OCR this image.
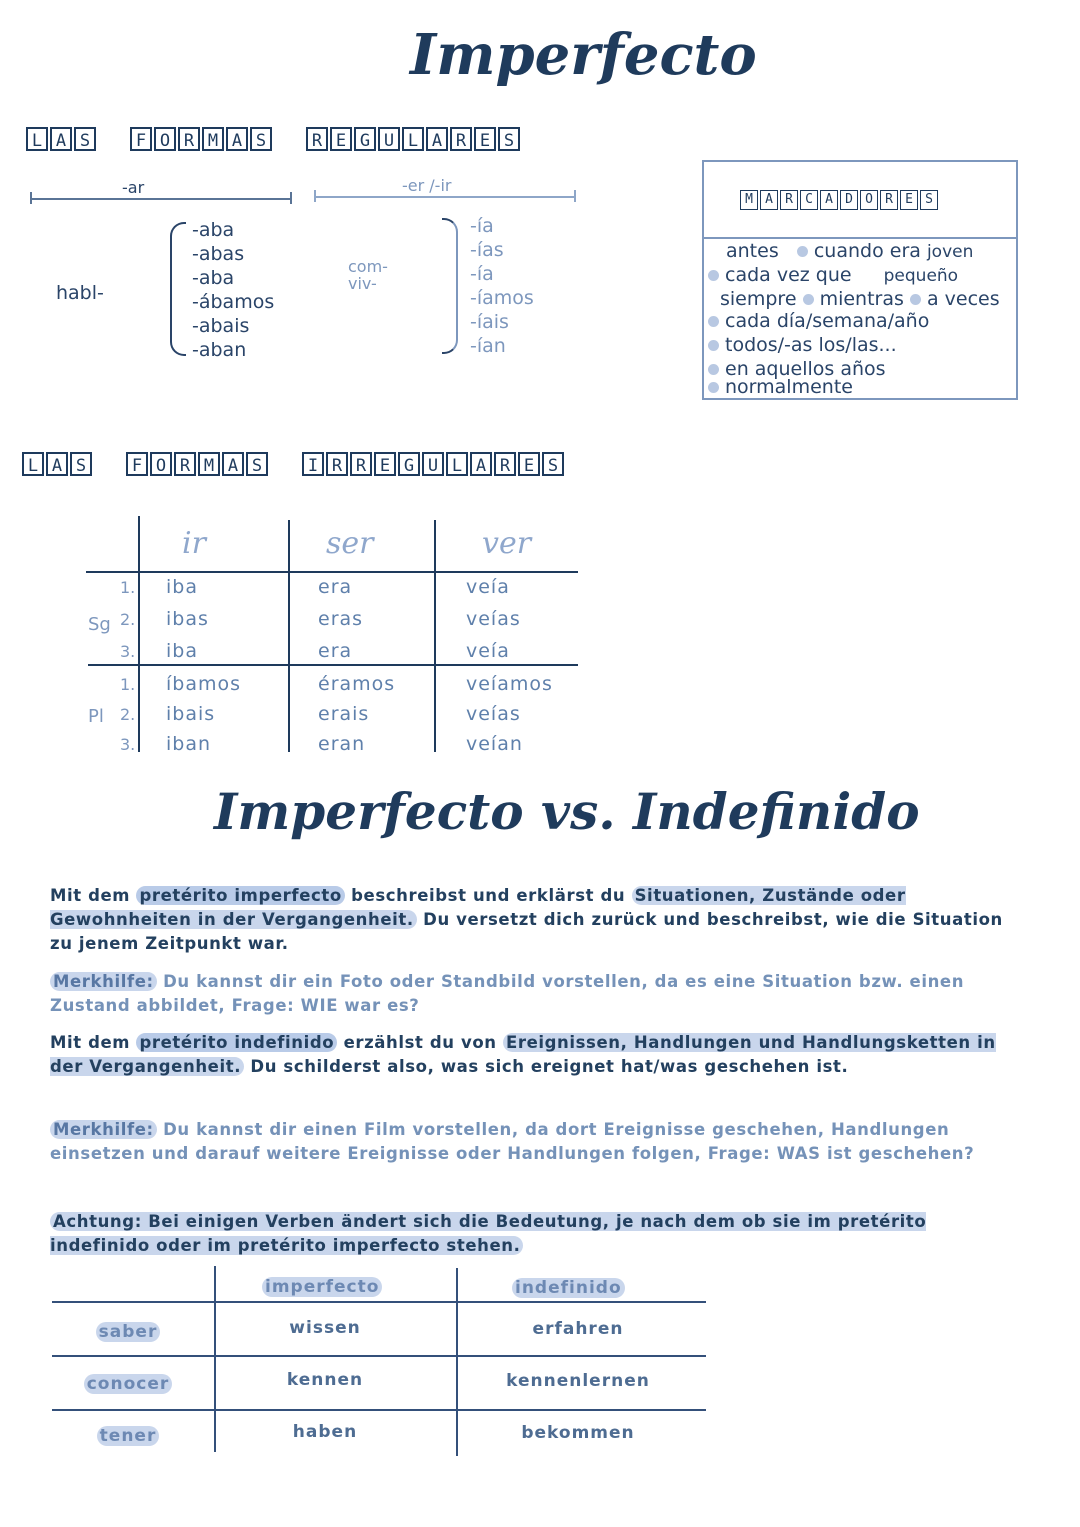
Imperfecto
L A S	F O R M A S	R E G U L A R E S
-ar	-er /-ir
habl-
-aba
-abas
-aba
-ábamos
-abais
-aban
com-
viv-
-ía
-ías
-ía
-íamos
-íais
-ían
M A R C A D O R E S
antes cuando era joven
cada vez que pequeño
siempre mientras a veces
cada día/semana/año
todos/-as los/las...
en aquellos años
normalmente
L A S	F O R M A S	I R R E G U L A R E S
ir	ser	ver
Sg
Pl
1. iba	era	veía
2. ibas	eras	veías
3. iba	era	veía
1. íbamos	éramos	veíamos
2. ibais	erais	veías
3. iban	eran	veían
Imperfecto vs. Indefinido
Mit dem pretérito imperfecto beschreibst und erklärst du Situationen, Zustände oder Gewohnheiten in der Vergangenheit. Du versetzt dich zurück und beschreibst, wie die Situation zu jenem Zeitpunkt war.
Merkhilfe: Du kannst dir ein Foto oder Standbild vorstellen, da es eine Situation bzw. einen Zustand abbildet, Frage: WIE war es?
Mit dem pretérito indefinido erzählst du von Ereignissen, Handlungen und Handlungsketten in der Vergangenheit. Du schilderst also, was sich ereignet hat/was geschehen ist.
Merkhilfe: Du kannst dir einen Film vorstellen, da dort Ereignisse geschehen, Handlungen einsetzen und darauf weitere Ereignisse oder Handlungen folgen, Frage: WAS ist geschehen?
Achtung: Bei einigen Verben ändert sich die Bedeutung, je nach dem ob sie im pretérito indefinido oder im pretérito imperfecto stehen.
imperfecto	indefinido
saber	wissen	erfahren
conocer	kennen	kennenlernen
tener	haben	bekommen
